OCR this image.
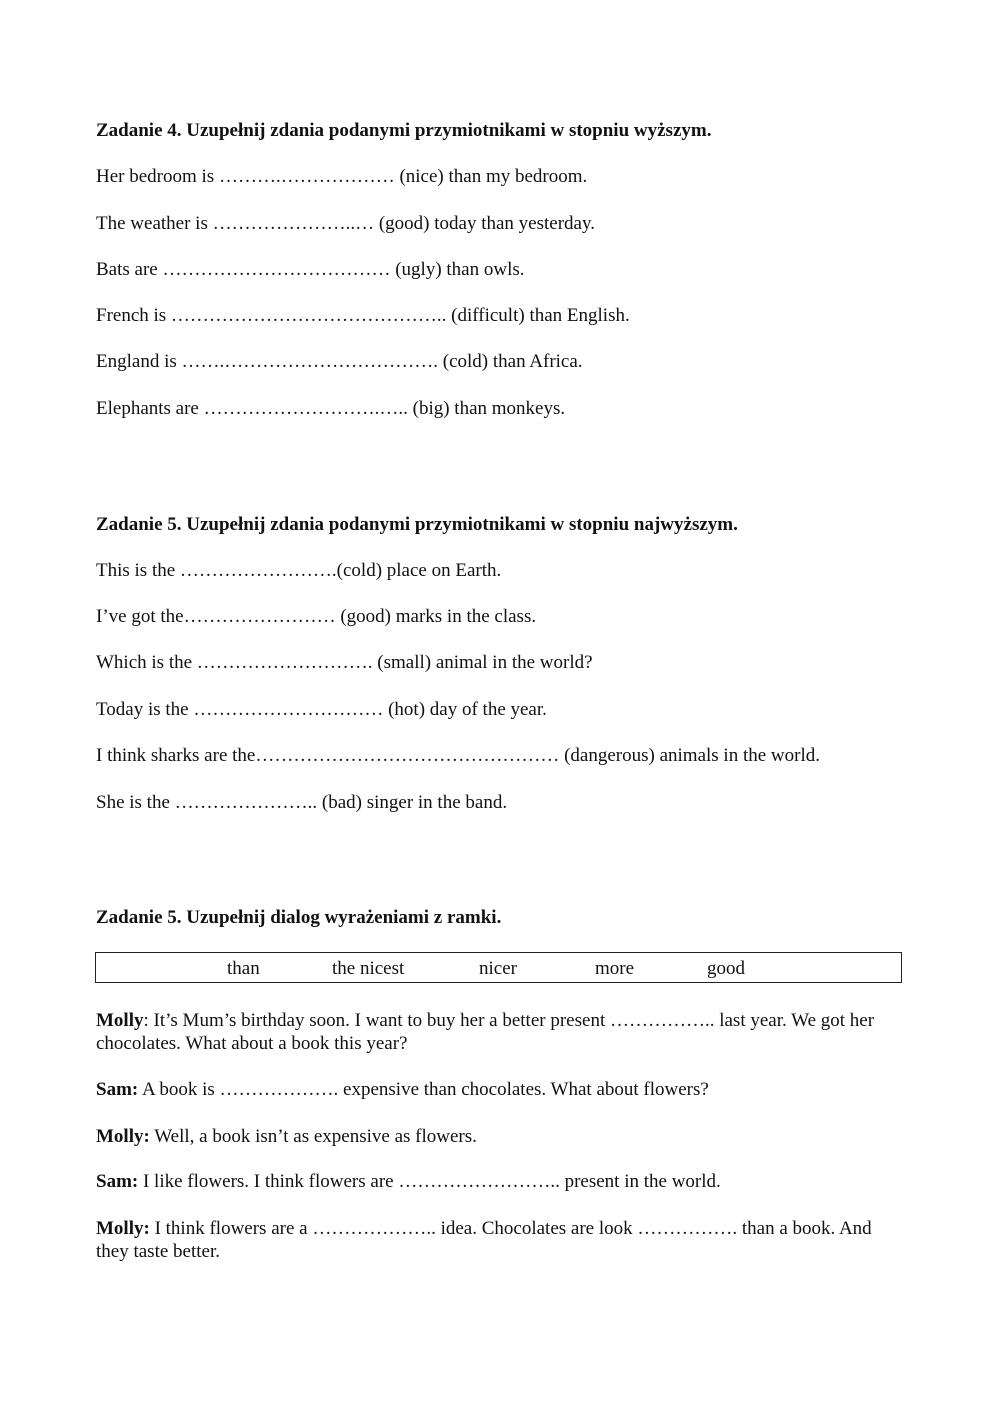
Zadanie 4. Uzupełnij zdania podanymi przymiotnikami w stopniu wyższym.
Her bedroom is ……….……………… (nice) than my bedroom.
The weather is …………………..… (good) today than yesterday.
Bats are ……………………………… (ugly) than owls.
French is …………………………………….. (difficult) than English.
England is …….……………………………. (cold) than Africa.
Elephants are ……………………….….. (big) than monkeys.
Zadanie 5. Uzupełnij zdania podanymi przymiotnikami w stopniu najwyższym.
This is the …………………….(cold) place on Earth.
I’ve got the…………………… (good) marks in the class.
Which is the ………………………. (small) animal in the world?
Today is the ………………………… (hot) day of the year.
I think sharks are the………………………………………… (dangerous) animals in the world.
She is the ………………….. (bad) singer in the band.
Zadanie 5. Uzupełnij dialog wyrażeniami z ramki.
than	the nicest	nicer	more	good
Molly: It’s Mum’s birthday soon. I want to buy her a better present …………….. last year. We got her chocolates. What about a book this year?
Sam: A book is ………………. expensive than chocolates. What about flowers?
Molly: Well, a book isn’t as expensive as flowers.
Sam: I like flowers. I think flowers are …………………….. present in the world.
Molly: I think flowers are a ……………….. idea. Chocolates are look ……………. than a book. And they taste better.
